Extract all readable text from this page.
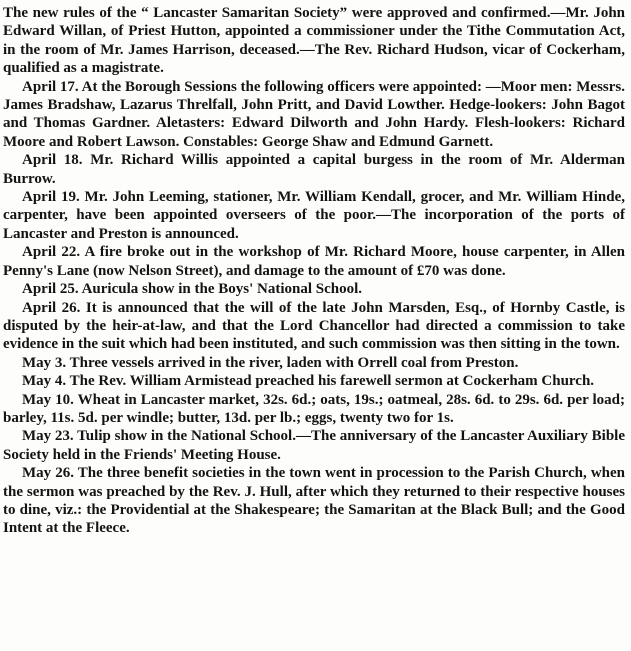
The new rules of the “ Lancaster Samaritan Society” were approved and confirmed.—Mr. John Edward Willan, of Priest Hutton, appointed a commissioner under the Tithe Commutation Act, in the room of Mr. James Harrison, deceased.—The Rev. Richard Hudson, vicar of Cockerham, qualified as a magistrate.

April 17. At the Borough Sessions the following officers were appointed: —Moor men: Messrs. James Bradshaw, Lazarus Threlfall, John Pritt, and David Lowther. Hedge-lookers: John Bagot and Thomas Gardner. Aletasters: Edward Dilworth and John Hardy. Flesh-lookers: Richard Moore and Robert Lawson. Constables: George Shaw and Edmund Garnett.

April 18. Mr. Richard Willis appointed a capital burgess in the room of Mr. Alderman Burrow.

April 19. Mr. John Leeming, stationer, Mr. William Kendall, grocer, and Mr. William Hinde, carpenter, have been appointed overseers of the poor.—The incorporation of the ports of Lancaster and Preston is announced.

April 22. A fire broke out in the workshop of Mr. Richard Moore, house carpenter, in Allen Penny's Lane (now Nelson Street), and damage to the amount of £70 was done.

April 25. Auricula show in the Boys' National School.

April 26. It is announced that the will of the late John Marsden, Esq., of Hornby Castle, is disputed by the heir-at-law, and that the Lord Chancellor had directed a commission to take evidence in the suit which had been instituted, and such commission was then sitting in the town.

May 3. Three vessels arrived in the river, laden with Orrell coal from Preston.

May 4. The Rev. William Armistead preached his farewell sermon at Cockerham Church.

May 10. Wheat in Lancaster market, 32s. 6d.; oats, 19s.; oatmeal, 28s. 6d. to 29s. 6d. per load; barley, 11s. 5d. per windle; butter, 13d. per lb.; eggs, twenty two for 1s.

May 23. Tulip show in the National School.—The anniversary of the Lancaster Auxiliary Bible Society held in the Friends' Meeting House.

May 26. The three benefit societies in the town went in procession to the Parish Church, when the sermon was preached by the Rev. J. Hull, after which they returned to their respective houses to dine, viz.: the Providential at the Shakespeare; the Samaritan at the Black Bull; and the Good Intent at the Fleece.
